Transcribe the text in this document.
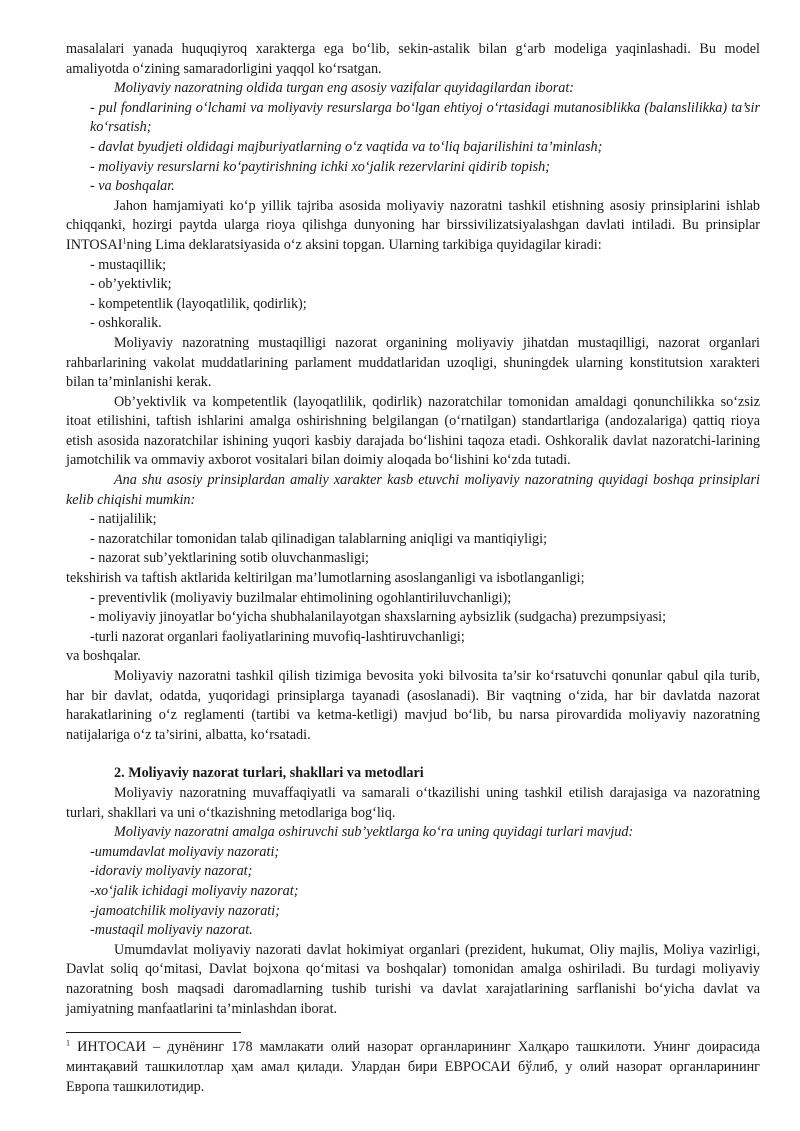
masalalari yanada huquqiyroq xarakterga ega bo‘lib, sekin-astalik bilan g‘arb modeliga yaqinlashadi. Bu model amaliyotda o‘zining samaradorligini yaqqol ko‘rsatgan.

Moliyaviy nazoratning oldida turgan eng asosiy vazifalar quyidagilardan iborat:

- pul fondlarining o‘lchami va moliyaviy resurslarga bo‘lgan ehtiyoj o‘rtasidagi mutanosiblikka (balanslilikka) ta’sir ko‘rsatish;

- davlat byudjeti oldidagi majburiyatlarning o‘z vaqtida va to‘liq bajarilishini ta’minlash;

- moliyaviy resurslarni ko‘paytirishning ichki xo‘jalik rezervlarini qidirib topish;

- va boshqalar.

Jahon hamjamiyati ko‘p yillik tajriba asosida moliyaviy nazoratni tashkil etishning asosiy prinsiplarini ishlab chiqqanki, hozirgi paytda ularga rioya qilishga dunyoning har birssivilizatsiyalashgan davlati intiladi. Bu prinsiplar INTOSAI$^1$ning Lima deklaratsiyasida o‘z aksini topgan. Ularning tarkibiga quyidagilar kiradi:

- mustaqillik;

- ob’yektivlik;

- kompetentlik (layoqatlilik, qodirlik);

- oshkoralik.

Moliyaviy nazoratning mustaqilligi nazorat organining moliyaviy jihatdan mustaqilligi, nazorat organlari rahbarlarining vakolat muddatlarining parlament muddatlaridan uzoqligi, shuningdek ularning konstitutsion xarakteri bilan ta’minlanishi kerak.

Ob’yektivlik va kompetentlik (layoqatlilik, qodirlik) nazoratchilar tomonidan amaldagi qonunchilikka so‘zsiz itoat etilishini, taftish ishlarini amalga oshirishning belgilangan (o‘rnatilgan) standartlariga (andozalariga) qattiq rioya etish asosida nazoratchilar ishining yuqori kasbiy darajada bo‘lishini taqoza etadi. Oshkoralik davlat nazoratchi-larining jamotchilik va ommaviy axborot vositalari bilan doimiy aloqada bo‘lishini ko‘zda tutadi.

Ana shu asosiy prinsiplardan amaliy xarakter kasb etuvchi moliyaviy nazoratning quyidagi boshqa prinsiplari kelib chiqishi mumkin:

- natijalilik;

- nazoratchilar tomonidan talab qilinadigan talablarning aniqligi va mantiqiyligi;

- nazorat sub’yektlarining sotib oluvchanmasligi;

tekshirish va taftish aktlarida keltirilgan ma’lumotlarning asoslanganligi va isbotlanganligi;

- preventivlik (moliyaviy buzilmalar ehtimolining ogohlantiriluvchanligi);

- moliyaviy jinoyatlar bo‘yicha shubhalanilayotgan shaxslarning aybsizlik (sudgacha) prezumpsiyasi;

-turli nazorat organlari faoliyatlarining muvofiq-lashtiruvchanligi;

va boshqalar.

Moliyaviy nazoratni tashkil qilish tizimiga bevosita yoki bilvosita ta’sir ko‘rsatuvchi qonunlar qabul qila turib, har bir davlat, odatda, yuqoridagi prinsiplarga tayanadi (asoslanadi). Bir vaqtning o‘zida, har bir davlatda nazorat harakatlarining o‘z reglamenti (tartibi va ketma-ketligi) mavjud bo‘lib, bu narsa pirovardida moliyaviy nazoratning natijalariga o‘z ta’sirini, albatta, ko‘rsatadi.

2. Moliyaviy nazorat turlari, shakllari va metodlari

Moliyaviy nazoratning muvaffaqiyatli va samarali o‘tkazilishi uning tashkil etilish darajasiga va nazoratning turlari, shakllari va uni o‘tkazishning metodlariga bog‘liq.

Moliyaviy nazoratni amalga oshiruvchi sub’yektlarga ko‘ra uning quyidagi turlari mavjud:

-umumdavlat moliyaviy nazorati;

-idoraviy moliyaviy nazorat;

-xo‘jalik ichidagi moliyaviy nazorat;

-jamoatchilik moliyaviy nazorati;

-mustaqil moliyaviy nazorat.

Umumdavlat moliyaviy nazorati davlat hokimiyat organlari (prezident, hukumat, Oliy majlis, Moliya vazirligi, Davlat soliq qo‘mitasi, Davlat bojxona qo‘mitasi va boshqalar) tomonidan amalga oshiriladi. Bu turdagi moliyaviy nazoratning bosh maqsadi daromadlarning tushib turishi va davlat xarajatlarining sarflanishi bo‘yicha davlat va jamiyatning manfaatlarini ta’minlashdan iborat.

$^1$ ИНТОСАИ – дунёнинг 178 мамлакати олий назорат органларининг Халқаро ташкилоти. Унинг доирасида минтақавий ташкилотлар ҳам амал қилади. Улардан бири ЕВРОСАИ бўлиб, у олий назорат органларининг Европа ташкилотидир.
